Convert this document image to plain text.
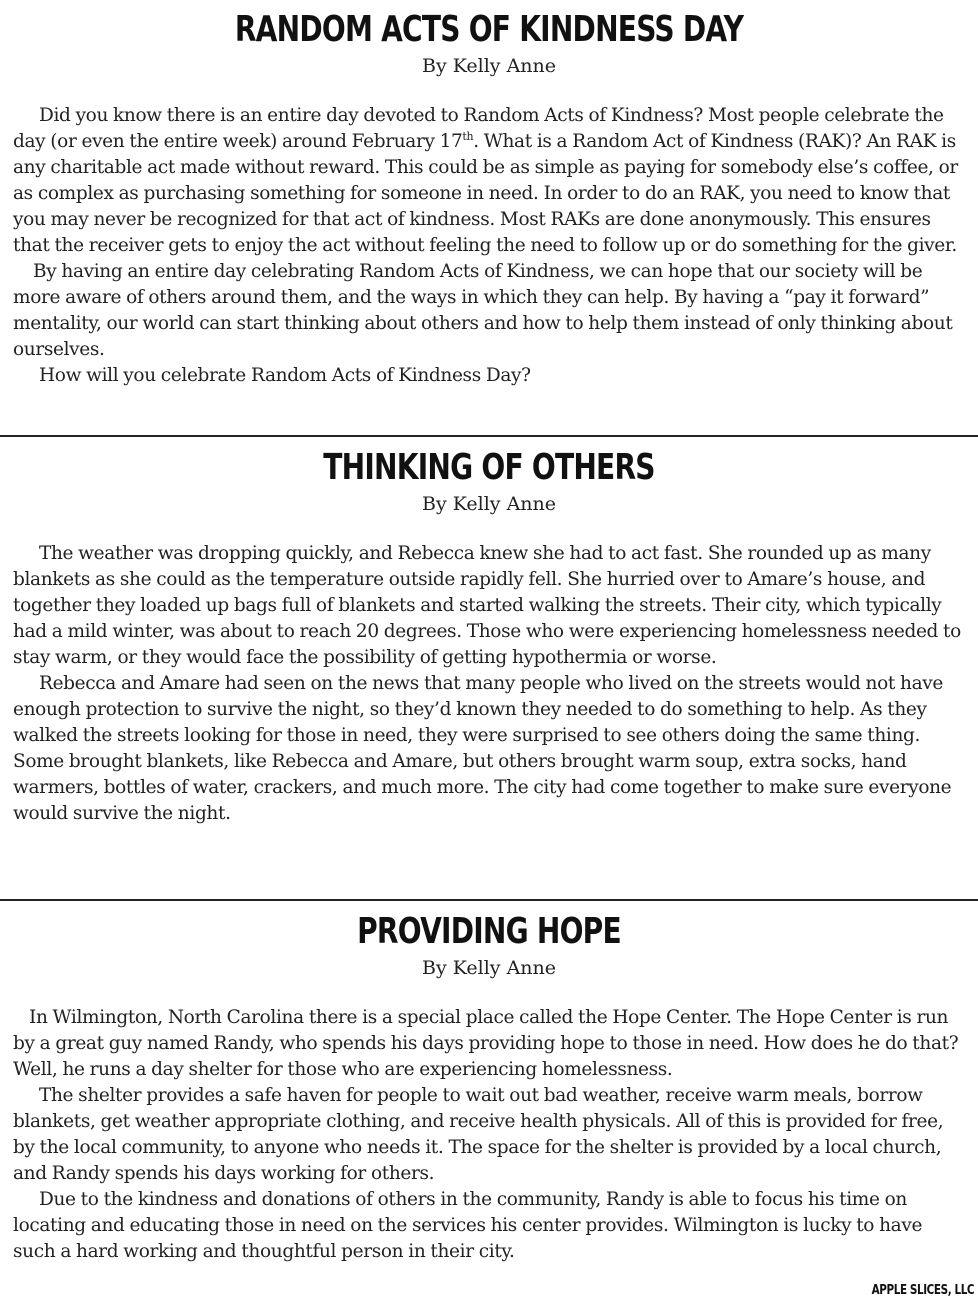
RANDOM ACTS OF KINDNESS DAY
By Kelly Anne

Did you know there is an entire day devoted to Random Acts of Kindness? Most people celebrate the day (or even the entire week) around February 17th. What is a Random Act of Kindness (RAK)? An RAK is any charitable act made without reward. This could be as simple as paying for somebody else’s coffee, or as complex as purchasing something for someone in need. In order to do an RAK, you need to know that you may never be recognized for that act of kindness. Most RAKs are done anonymously. This ensures that the receiver gets to enjoy the act without feeling the need to follow up or do something for the giver.

By having an entire day celebrating Random Acts of Kindness, we can hope that our society will be more aware of others around them, and the ways in which they can help. By having a “pay it forward” mentality, our world can start thinking about others and how to help them instead of only thinking about ourselves.

How will you celebrate Random Acts of Kindness Day?

THINKING OF OTHERS
By Kelly Anne

The weather was dropping quickly, and Rebecca knew she had to act fast. She rounded up as many blankets as she could as the temperature outside rapidly fell. She hurried over to Amare’s house, and together they loaded up bags full of blankets and started walking the streets. Their city, which typically had a mild winter, was about to reach 20 degrees. Those who were experiencing homelessness needed to stay warm, or they would face the possibility of getting hypothermia or worse.

Rebecca and Amare had seen on the news that many people who lived on the streets would not have enough protection to survive the night, so they’d known they needed to do something to help. As they walked the streets looking for those in need, they were surprised to see others doing the same thing. Some brought blankets, like Rebecca and Amare, but others brought warm soup, extra socks, hand warmers, bottles of water, crackers, and much more. The city had come together to make sure everyone would survive the night.

PROVIDING HOPE
By Kelly Anne

In Wilmington, North Carolina there is a special place called the Hope Center. The Hope Center is run by a great guy named Randy, who spends his days providing hope to those in need. How does he do that? Well, he runs a day shelter for those who are experiencing homelessness.

The shelter provides a safe haven for people to wait out bad weather, receive warm meals, borrow blankets, get weather appropriate clothing, and receive health physicals. All of this is provided for free, by the local community, to anyone who needs it. The space for the shelter is provided by a local church, and Randy spends his days working for others.

Due to the kindness and donations of others in the community, Randy is able to focus his time on locating and educating those in need on the services his center provides. Wilmington is lucky to have such a hard working and thoughtful person in their city.

APPLE SLICES, LLC
